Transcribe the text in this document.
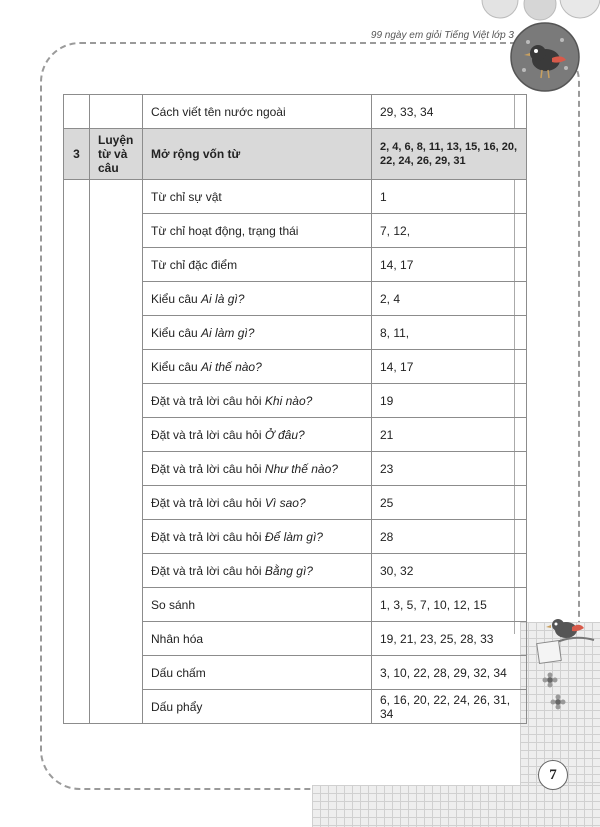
99 ngày em giỏi Tiếng Việt lớp 3
7
		Cách viết tên nước ngoài	29, 33, 34
3	Luyện từ và câu	Mở rộng vốn từ	2, 4, 6, 8, 11, 13, 15, 16, 20, 22, 24, 26, 29, 31
		Từ chỉ sự vật	1
		Từ chỉ hoạt động, trạng thái	7, 12,
		Từ chỉ đặc điểm	14, 17
		Kiểu câu Ai là gì?	2, 4
		Kiểu câu Ai làm gì?	8, 11,
		Kiểu câu Ai thế nào?	14, 17
		Đặt và trả lời câu hỏi Khi nào?	19
		Đặt và trả lời câu hỏi Ở đâu?	21
		Đặt và trả lời câu hỏi Như thế nào?	23
		Đặt và trả lời câu hỏi Vì sao?	25
		Đặt và trả lời câu hỏi Để làm gì?	28
		Đặt và trả lời câu hỏi Bằng gì?	30, 32
		So sánh	1, 3, 5, 7, 10, 12, 15
		Nhân hóa	19, 21, 23, 25, 28, 33
		Dấu chấm	3, 10, 22, 28, 29, 32, 34
		Dấu phẩy	6, 16, 20, 22, 24, 26, 31, 34
